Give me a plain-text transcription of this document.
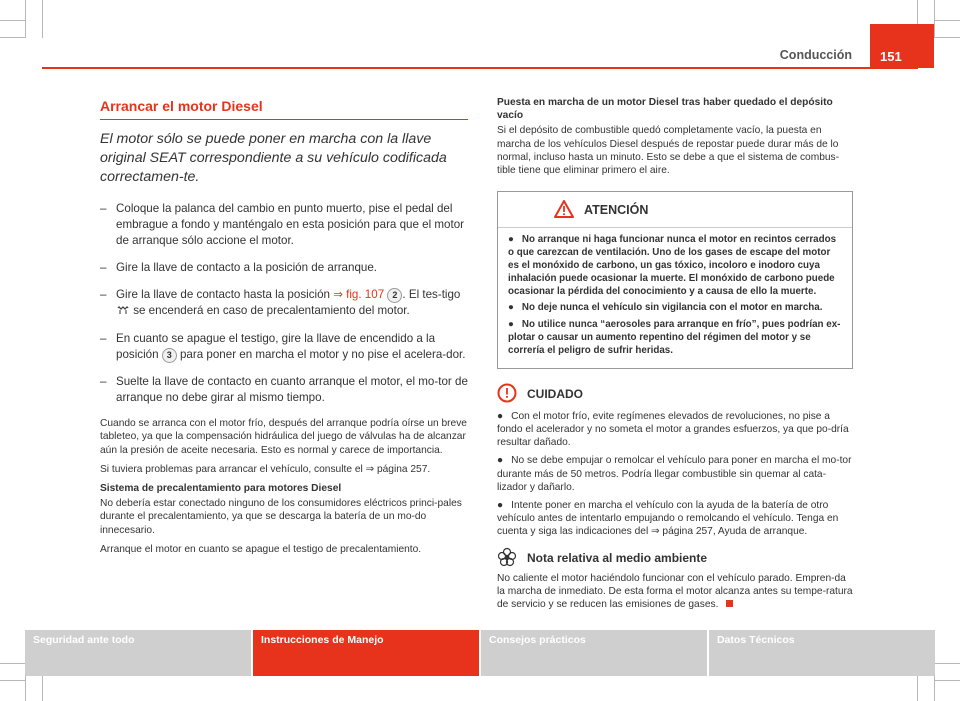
Conducción 151
Arrancar el motor Diesel
El motor sólo se puede poner en marcha con la llave original SEAT correspondiente a su vehículo codificada correctamen-te.
– Coloque la palanca del cambio en punto muerto, pise el pedal del embrague a fondo y manténgalo en esta posición para que el motor de arranque sólo accione el motor.
– Gire la llave de contacto a la posición de arranque.
– Gire la llave de contacto hasta la posición ⇒ fig. 107 2 . El tes-tigo  se encenderá en caso de precalentamiento del motor.
– En cuanto se apague el testigo, gire la llave de encendido a la posición 3 para poner en marcha el motor y no pise el acelera-dor.
– Suelte la llave de contacto en cuanto arranque el motor, el mo-tor de arranque no debe girar al mismo tiempo.

Cuando se arranca con el motor frío, después del arranque podría oírse un breve tableteo, ya que la compensación hidráulica del juego de válvulas ha de alcanzar aún la presión de aceite necesaria. Esto es normal y carece de importancia.

Si tuviera problemas para arrancar el vehículo, consulte el ⇒ página 257.

Sistema de precalentamiento para motores Diesel

No debería estar conectado ninguno de los consumidores eléctricos princi-pales durante el precalentamiento, ya que se descarga la batería de un mo-do innecesario.

Arranque el motor en cuanto se apague el testigo de precalentamiento.

Puesta en marcha de un motor Diesel tras haber quedado el depósito vacío

Si el depósito de combustible quedó completamente vacío, la puesta en marcha de los vehículos Diesel después de repostar puede durar más de lo normal, incluso hasta un minuto. Esto se debe a que el sistema de combus-tible tiene que eliminar primero el aire.

ATENCIÓN
● No arranque ni haga funcionar nunca el motor en recintos cerrados o que carezcan de ventilación. Uno de los gases de escape del motor es el monóxido de carbono, un gas tóxico, incoloro e inodoro cuya inhalación puede ocasionar la muerte. El monóxido de carbono puede ocasionar la pérdida del conocimiento y a causa de ello la muerte.
● No deje nunca el vehículo sin vigilancia con el motor en marcha.
● No utilice nunca “aerosoles para arranque en frío”, pues podrían ex-plotar o causar un aumento repentino del régimen del motor y se correría el peligro de sufrir heridas.
CUIDADO
● Con el motor frío, evite regímenes elevados de revoluciones, no pise a fondo el acelerador y no someta el motor a grandes esfuerzos, ya que po-dría resultar dañado.
● No se debe empujar o remolcar el vehículo para poner en marcha el mo-tor durante más de 50 metros. Podría llegar combustible sin quemar al cata-lizador y dañarlo.
● Intente poner en marcha el vehículo con la ayuda de la batería de otro vehículo antes de intentarlo empujando o remolcando el vehículo. Tenga en cuenta y siga las indicaciones del ⇒ página 257, Ayuda de arranque.
Nota relativa al medio ambiente

No caliente el motor haciéndolo funcionar con el vehículo parado. Empren-da la marcha de inmediato. De esta forma el motor alcanza antes su tempe-ratura de servicio y se reducen las emisiones de gases.

Seguridad ante todo	Instrucciones de Manejo	Consejos prácticos	Datos Técnicos
